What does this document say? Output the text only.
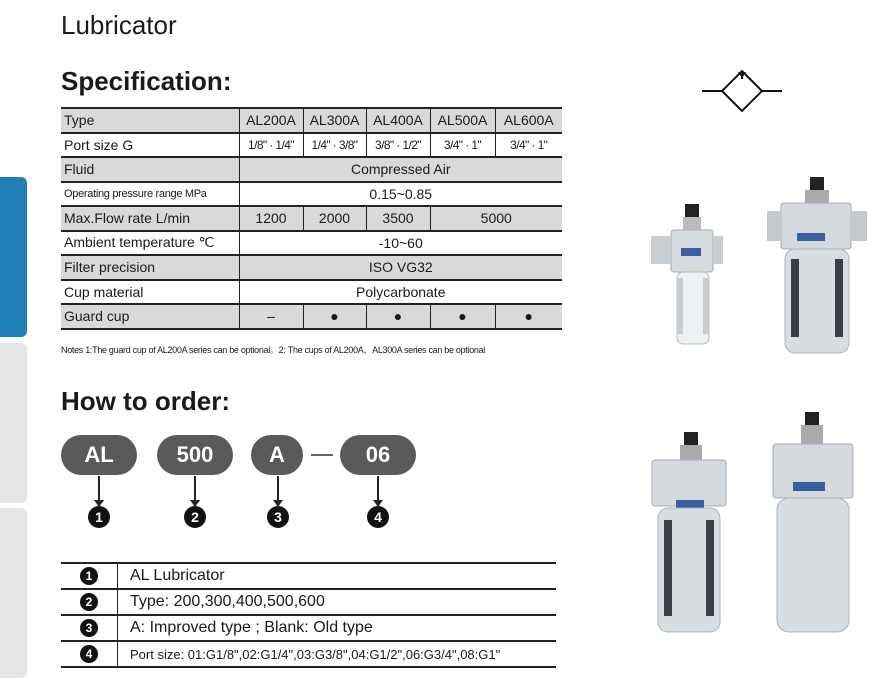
Lubricator
Specification:
Type	AL200A	AL300A	AL400A	AL500A	AL600A
Port size G	1/8" · 1/4"	1/4" · 3/8"	3/8" · 1/2"	3/4" · 1"	3/4" · 1"
Fluid	Compressed Air				
Operating pressure range MPa	0.15~0.85				
Max.Flow rate L/min	1200	2000	3500	5000	
Ambient temperature ℃	-10~60				
Filter precision	ISO VG32				
Cup material	Polycarbonate				
Guard cup	–	●	●	●	●
Notes 1:The guard cup of AL200A series can be optional。2: The cups of AL200A、AL300A series can be optional
How to order:
AL	500	A	06
1	2	3	4
1	AL Lubricator
2	Type: 200,300,400,500,600
3	A: Improved type ; Blank: Old type
4	Port size: 01:G1/8",02:G1/4",03:G3/8",04:G1/2",06:G3/4",08:G1"
